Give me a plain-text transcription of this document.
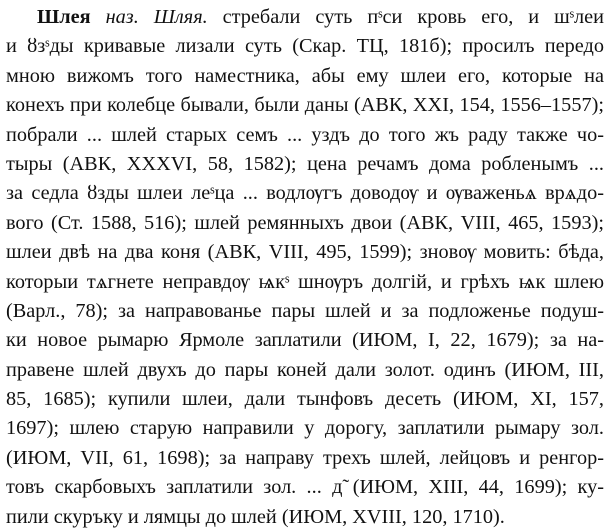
Шлея наз. Шляя. стребали суть пˢси кровь его, и шˢлеи
и ȣзˢды кривавые лизали суть (Скар. ТЦ, 181б); просилъ передо
мною вижомъ того наместника, абы ему шлеи его, которые на
конехъ при колебце бывали, были даны (АВК, XXI, 154, 1556–1557);
побрали ... шлей старых семъ ... уздъ до того жъ раду также чо-
тыры (АВК, XXXVI, 58, 1582); цена речамъ дома робленымъ ...
за седла ȣзды шлеи леˢца ... водлѹгъ доводѹ и ѹваженьѧ врѧдо-
вого (Ст. 1588, 516); шлей ремянныхъ двои (АВК, VIII, 465, 1593);
шлеи двѣ на два коня (АВК, VIII, 495, 1599); зновѹ мовить: бѣда,
которыи тѧгнете неправдѹ ѩкˢ шнѹръ долгій, и грѣхъ ѩк шлею
(Варл., 78); за направованье пары шлей и за подложенье подуш-
ки новое рымарю Ярмоле заплатили (ИЮМ, I, 22, 1679); за на-
правене шлей двухъ до пары коней дали золот. одинъ (ИЮМ, III,
85, 1685); купили шлеи, дали тынфовъ десеть (ИЮМ, XI, 157,
1697); шлею старую направили у дорогу, заплатили рымару зол.
(ИЮМ, VII, 61, 1698); за направу трехъ шлей, лейцовъ и ренгор-
товъ скарбовыхъ заплатили зол. ... д̃ (ИЮМ, XIII, 44, 1699); ку-
пили скуръку и лямцы до шлей (ИЮМ, XVIII, 120, 1710).
